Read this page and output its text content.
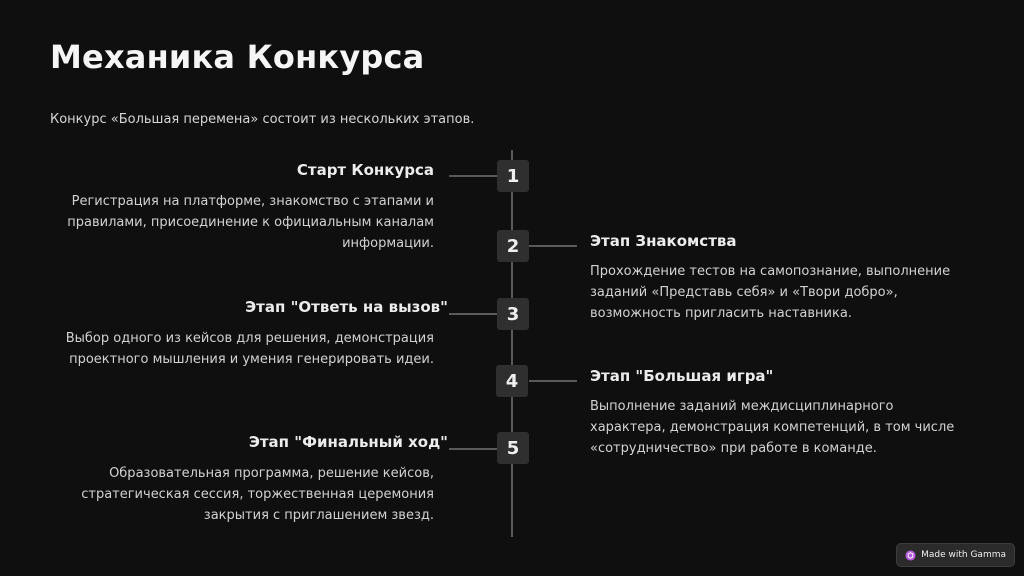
Механика Конкурса
Конкурс «Большая перемена» состоит из нескольких этапов.
1
Старт Конкурса
Регистрация на платформе, знакомство с этапами и правилами, присоединение к официальным каналам информации.	2	Этап Знакомства
Прохождение тестов на самопознание, выполнение заданий «Представь себя» и «Твори добро», возможность пригласить наставника.
3
Этап "Ответь на вызов"
Выбор одного из кейсов для решения, демонстрация проектного мышления и умения генерировать идеи.
4	Этап "Большая игра"
Выполнение заданий междисциплинарного характера, демонстрация компетенций, в том числе «сотрудничество» при работе в команде.
5
Этап "Финальный ход"
Образовательная программа, решение кейсов, стратегическая сессия, торжественная церемония закрытия с приглашением звезд.
Made with Gamma
